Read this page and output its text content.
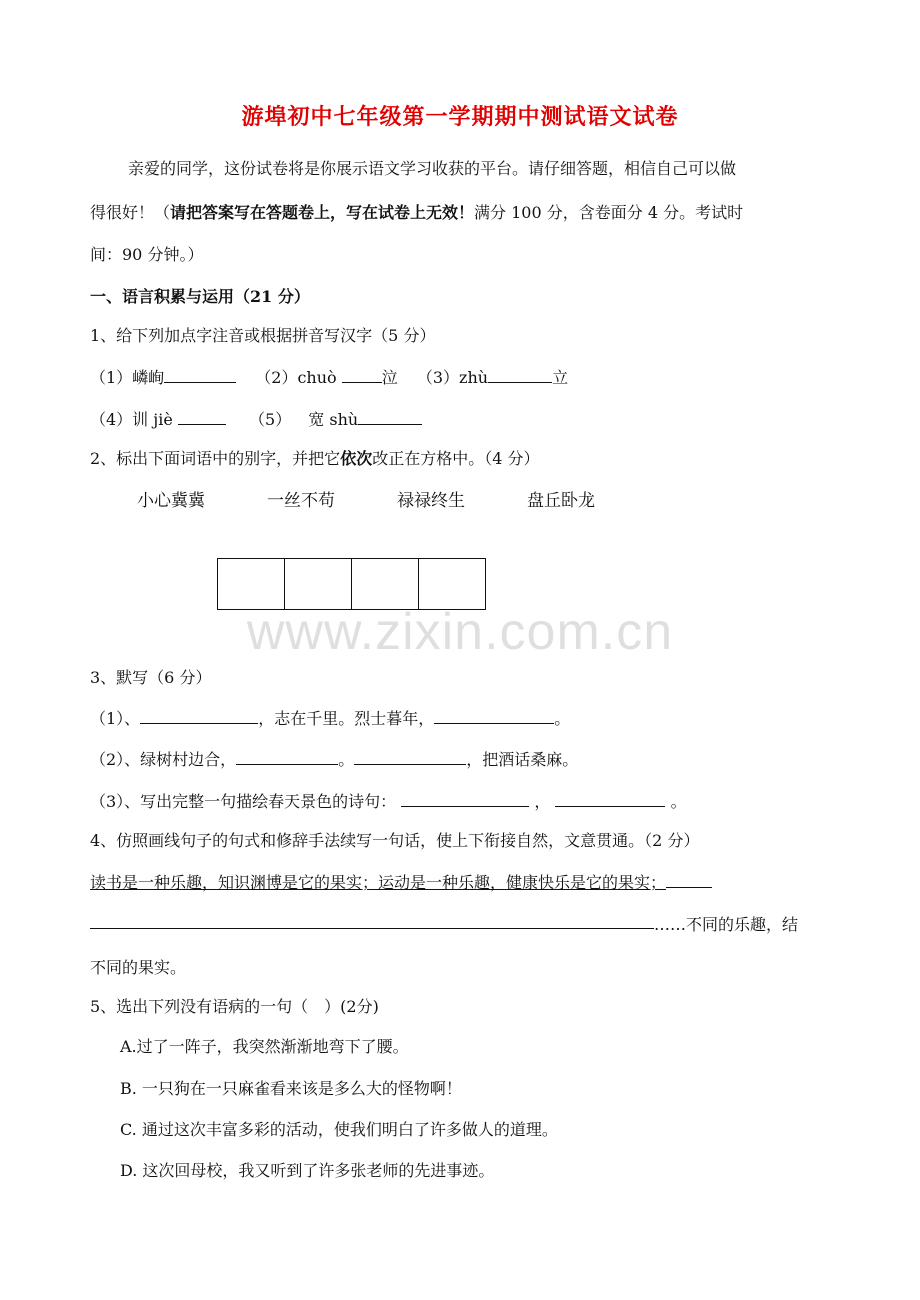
游埠初中七年级第一学期期中测试语文试卷
亲爱的同学，这份试卷将是你展示语文学习收获的平台。请仔细答题，相信自己可以做
得很好！（请把答案写在答题卷上，写在试卷上无效！满分 100 分，含卷面分 4 分。考试时
间：90 分钟。）
一、语言积累与运用（21 分）
1、给下列加点字注音或根据拼音写汉字（5 分）
（1）嶙峋	（2）chuò	泣 （3）zhù	立
（4）训 jiè	（5） 宽 shù
2、标出下面词语中的别字，并把它依次改正在方格中。（4 分）
小心冀冀	一丝不苟	禄禄终生	盘丘卧龙
www.zixin.com.cn
3、默写（6 分）
（1）、	，志在千里。烈士暮年，	。
（2）、绿树村边合，	。	，把酒话桑麻。
（3）、写出完整一句描绘春天景色的诗句：	，	。
4、仿照画线句子的句式和修辞手法续写一句话，使上下衔接自然，文意贯通。（2 分）
读书是一种乐趣，知识渊博是它的果实；运动是一种乐趣，健康快乐是它的果实；
……不同的乐趣，结
不同的果实。
5、选出下列没有语病的一句（　）(2分)
A.过了一阵子，我突然渐渐地弯下了腰。
B. 一只狗在一只麻雀看来该是多么大的怪物啊！
C. 通过这次丰富多彩的活动，使我们明白了许多做人的道理。
D. 这次回母校，我又听到了许多张老师的先进事迹。
